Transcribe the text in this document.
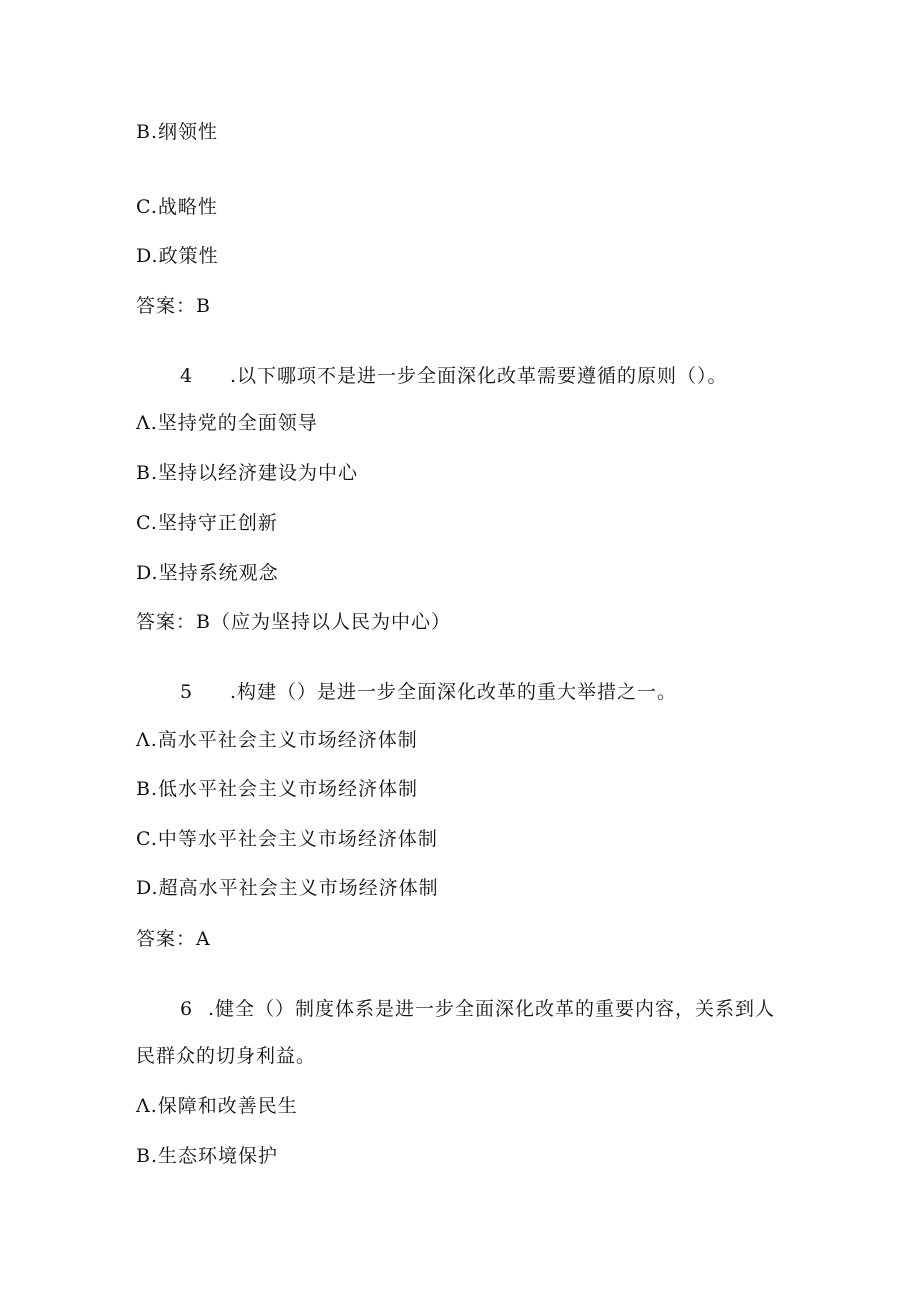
B.纲领性
C.战略性
D.政策性
答案：B
4 .以下哪项不是进一步全面深化改革需要遵循的原则（）。
Λ.坚持党的全面领导
B.坚持以经济建设为中心
C.坚持守正创新
D.坚持系统观念
答案：B（应为坚持以人民为中心）
5 .构建（）是进一步全面深化改革的重大举措之一。
Λ.高水平社会主义市场经济体制
B.低水平社会主义市场经济体制
C.中等水平社会主义市场经济体制
D.超高水平社会主义市场经济体制
答案：A
6 .健全（）制度体系是进一步全面深化改革的重要内容，关系到人
民群众的切身利益。
Λ.保障和改善民生
B.生态环境保护
